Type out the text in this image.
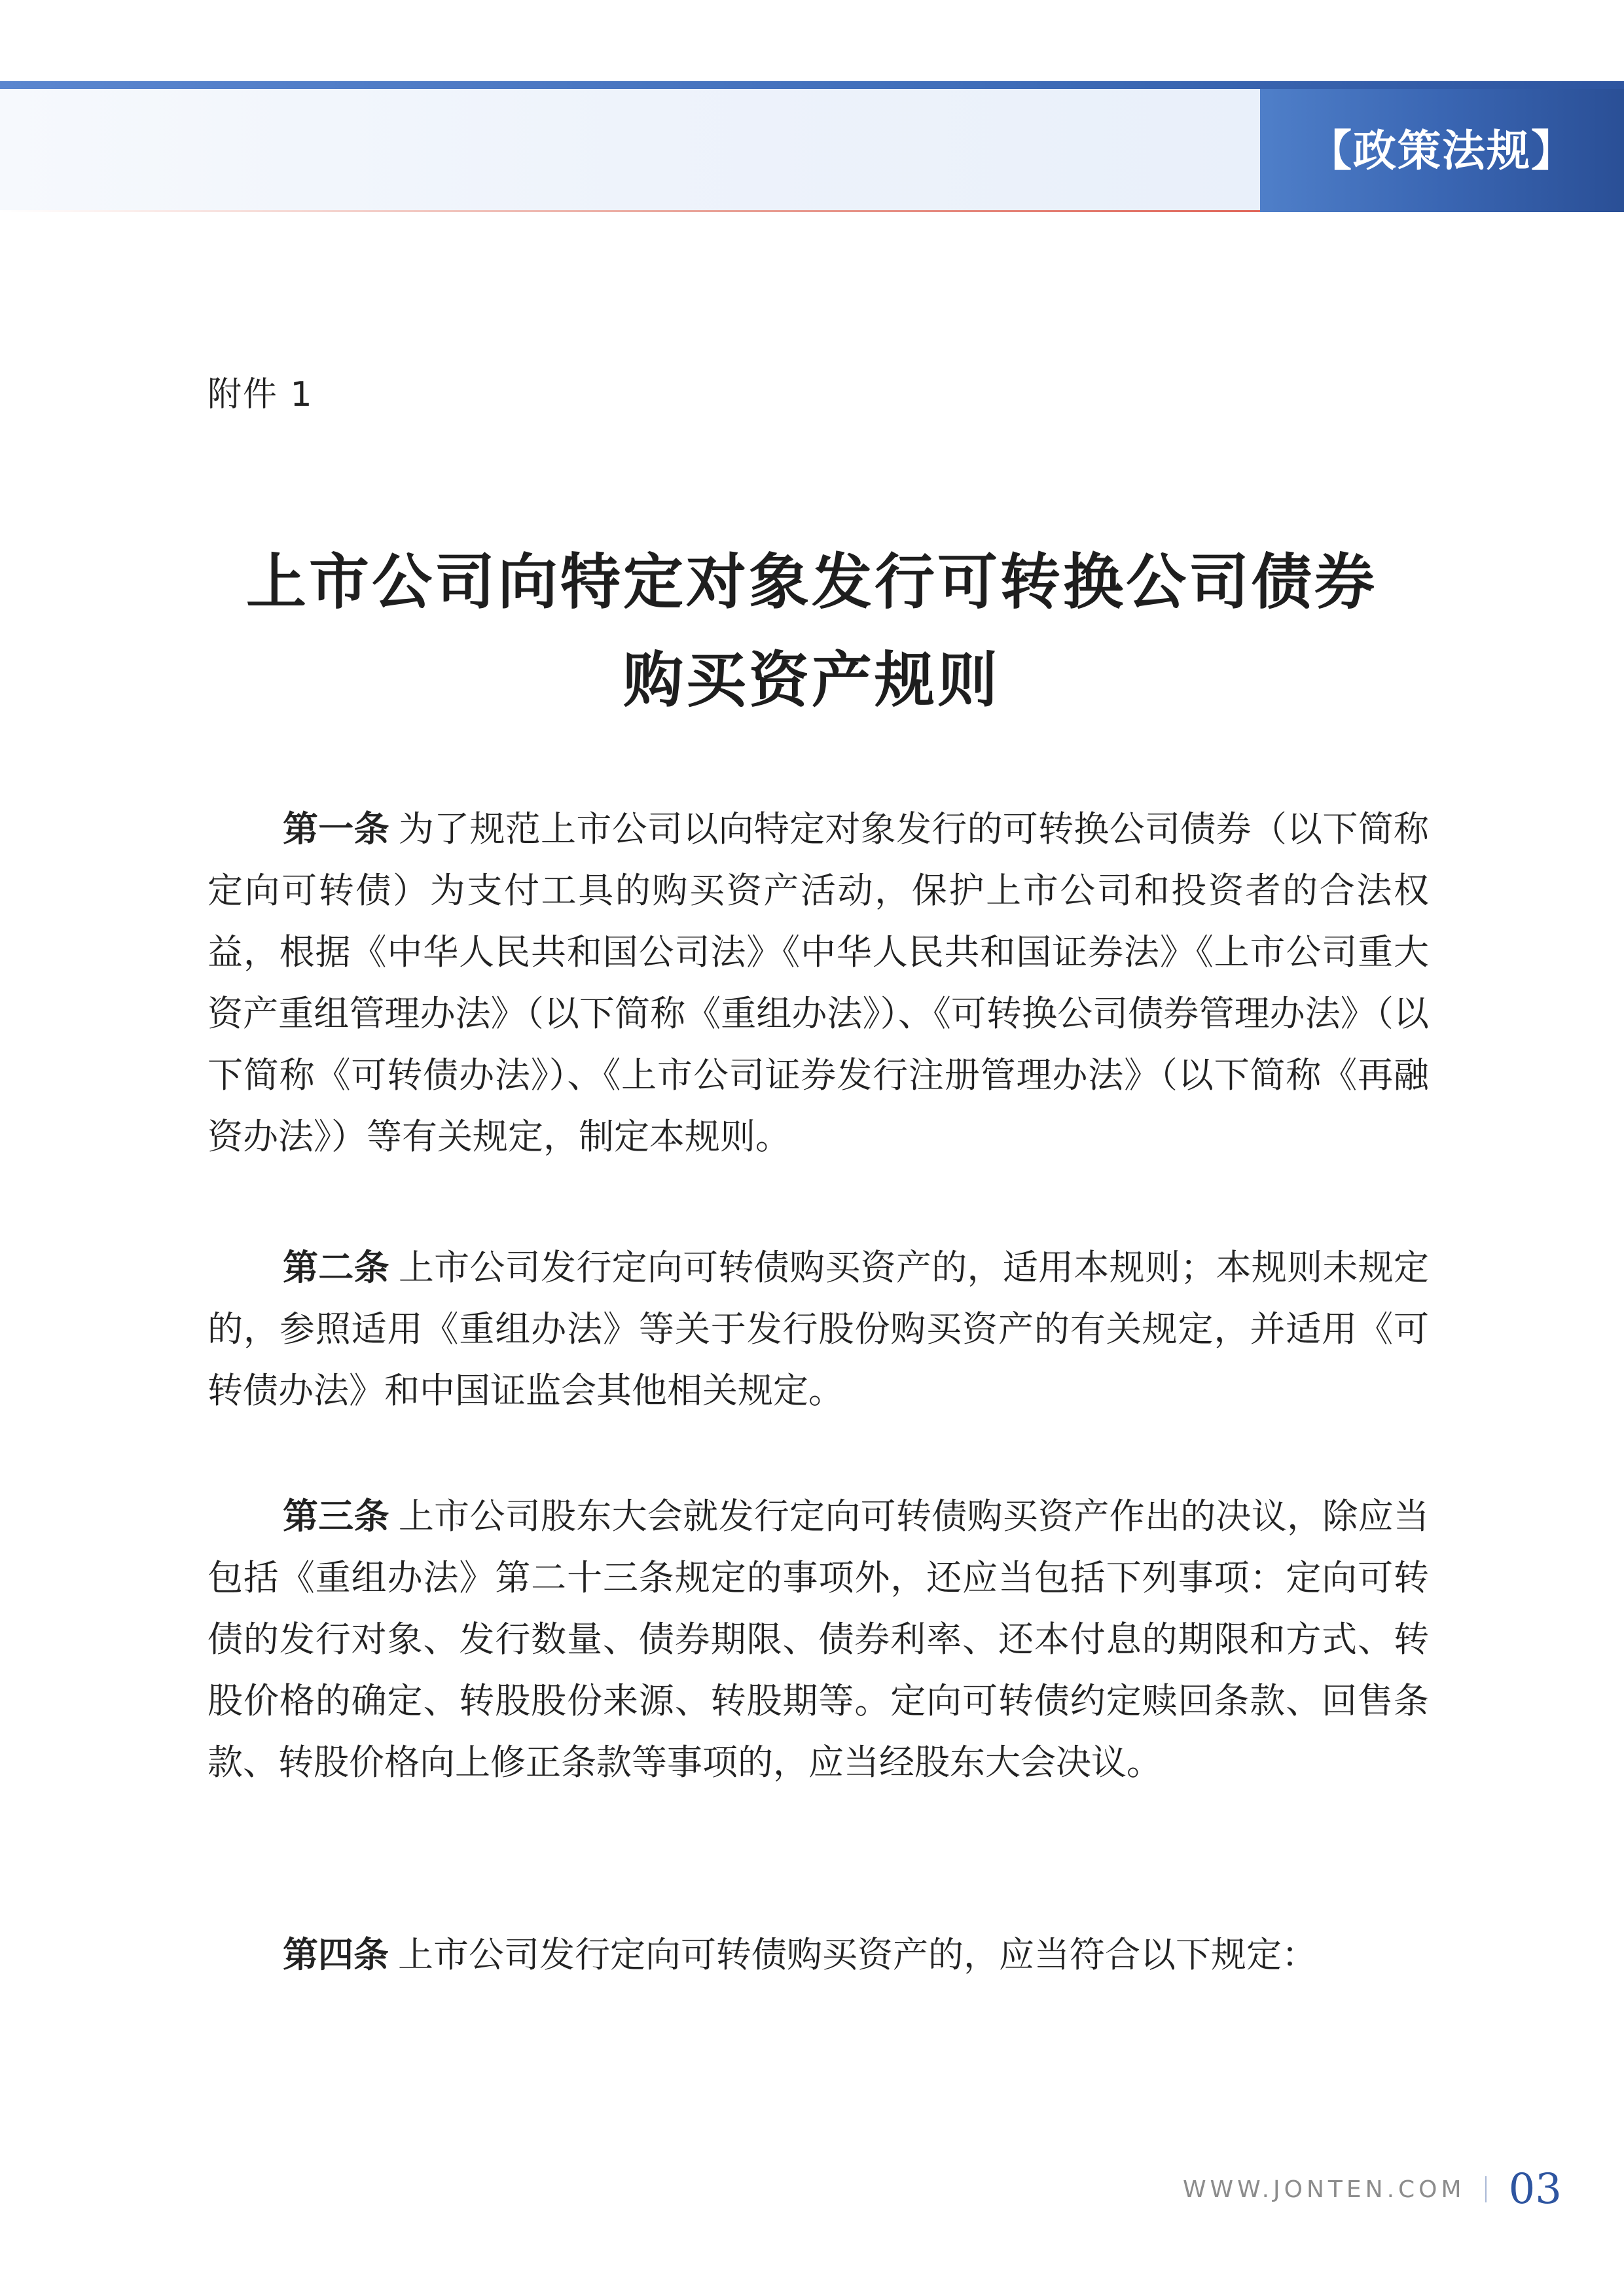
【政策法规】
附件 1
上市公司向特定对象发行可转换公司债券
购买资产规则

第一条 为了规范上市公司以向特定对象发行的可转换公司债券（以下简称定向可转债）为支付工具的购买资产活动，保护上市公司和投资者的合法权益，根据《中华人民共和国公司法》《中华人民共和国证券法》《上市公司重大资产重组管理办法》（以下简称《重组办法》）、《可转换公司债券管理办法》（以下简称《可转债办法》）、《上市公司证券发行注册管理办法》（以下简称《再融资办法》）等有关规定，制定本规则。

第二条 上市公司发行定向可转债购买资产的，适用本规则；本规则未规定的，参照适用《重组办法》等关于发行股份购买资产的有关规定，并适用《可转债办法》和中国证监会其他相关规定。

第三条 上市公司股东大会就发行定向可转债购买资产作出的决议，除应当包括《重组办法》第二十三条规定的事项外，还应当包括下列事项：定向可转债的发行对象、发行数量、债券期限、债券利率、还本付息的期限和方式、转股价格的确定、转股股份来源、转股期等。定向可转债约定赎回条款、回售条款、转股价格向上修正条款等事项的，应当经股东大会决议。

第四条 上市公司发行定向可转债购买资产的，应当符合以下规定：

WWW.JONTEN.COM 03
